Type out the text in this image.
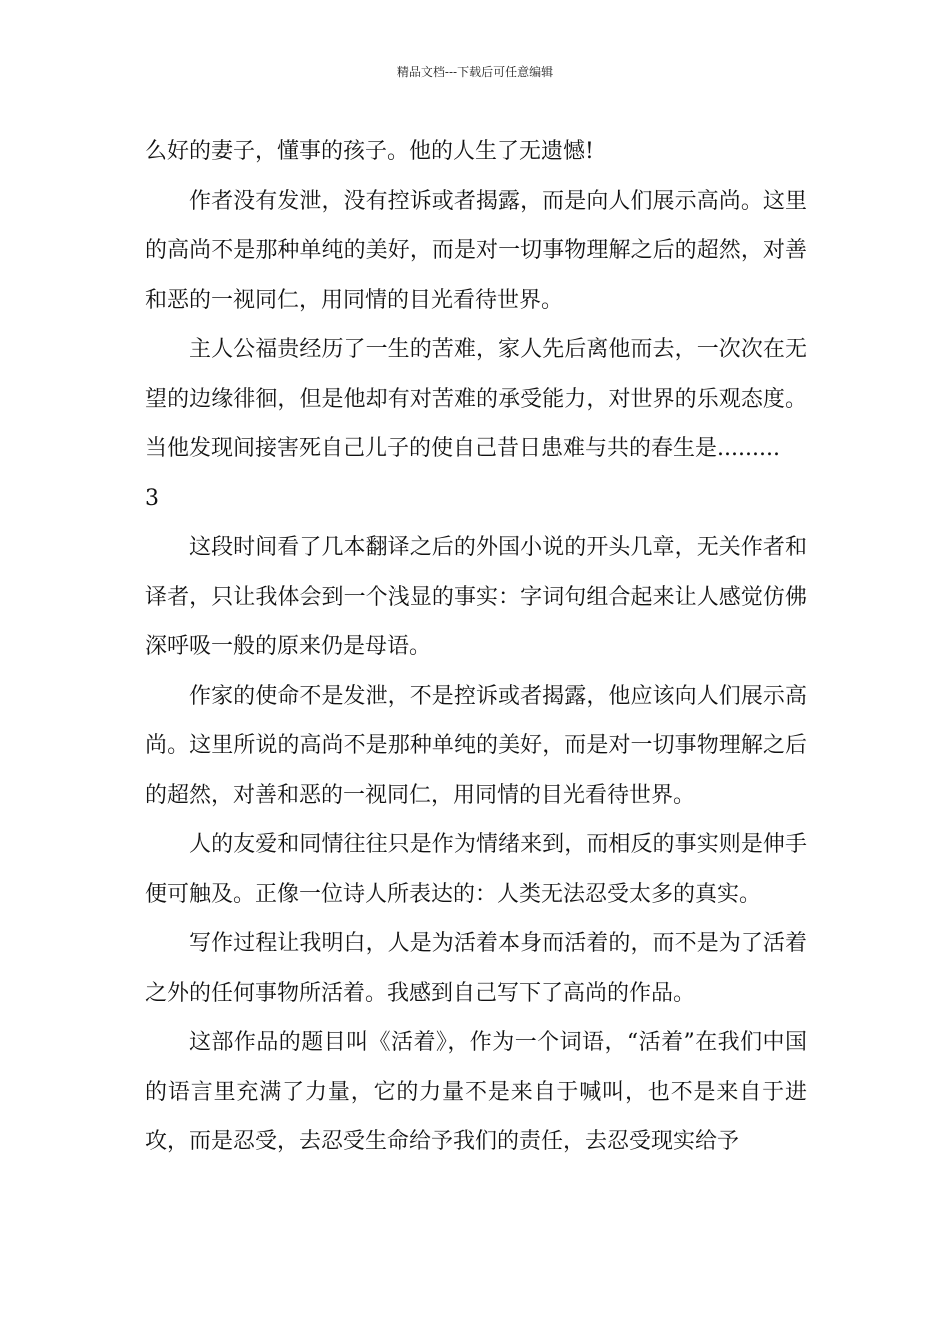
精品文档---下载后可任意编辑

么好的妻子，懂事的孩子。他的人生了无遗憾!

作者没有发泄，没有控诉或者揭露，而是向人们展示高尚。这里的高尚不是那种单纯的美好，而是对一切事物理解之后的超然，对善和恶的一视同仁，用同情的目光看待世界。

主人公福贵经历了一生的苦难，家人先后离他而去，一次次在无望的边缘徘徊，但是他却有对苦难的承受能力，对世界的乐观态度。当他发现间接害死自己儿子的使自己昔日患难与共的春生是.........

3

这段时间看了几本翻译之后的外国小说的开头几章，无关作者和译者，只让我体会到一个浅显的事实：字词句组合起来让人感觉仿佛深呼吸一般的原来仍是母语。

作家的使命不是发泄，不是控诉或者揭露，他应该向人们展示高尚。这里所说的高尚不是那种单纯的美好，而是对一切事物理解之后的超然，对善和恶的一视同仁，用同情的目光看待世界。

人的友爱和同情往往只是作为情绪来到，而相反的事实则是伸手便可触及。正像一位诗人所表达的：人类无法忍受太多的真实。

写作过程让我明白，人是为活着本身而活着的，而不是为了活着之外的任何事物所活着。我感到自己写下了高尚的作品。

这部作品的题目叫《活着》，作为一个词语，“活着”在我们中国的语言里充满了力量，它的力量不是来自于喊叫，也不是来自于进攻，而是忍受，去忍受生命给予我们的责任，去忍受现实给予
